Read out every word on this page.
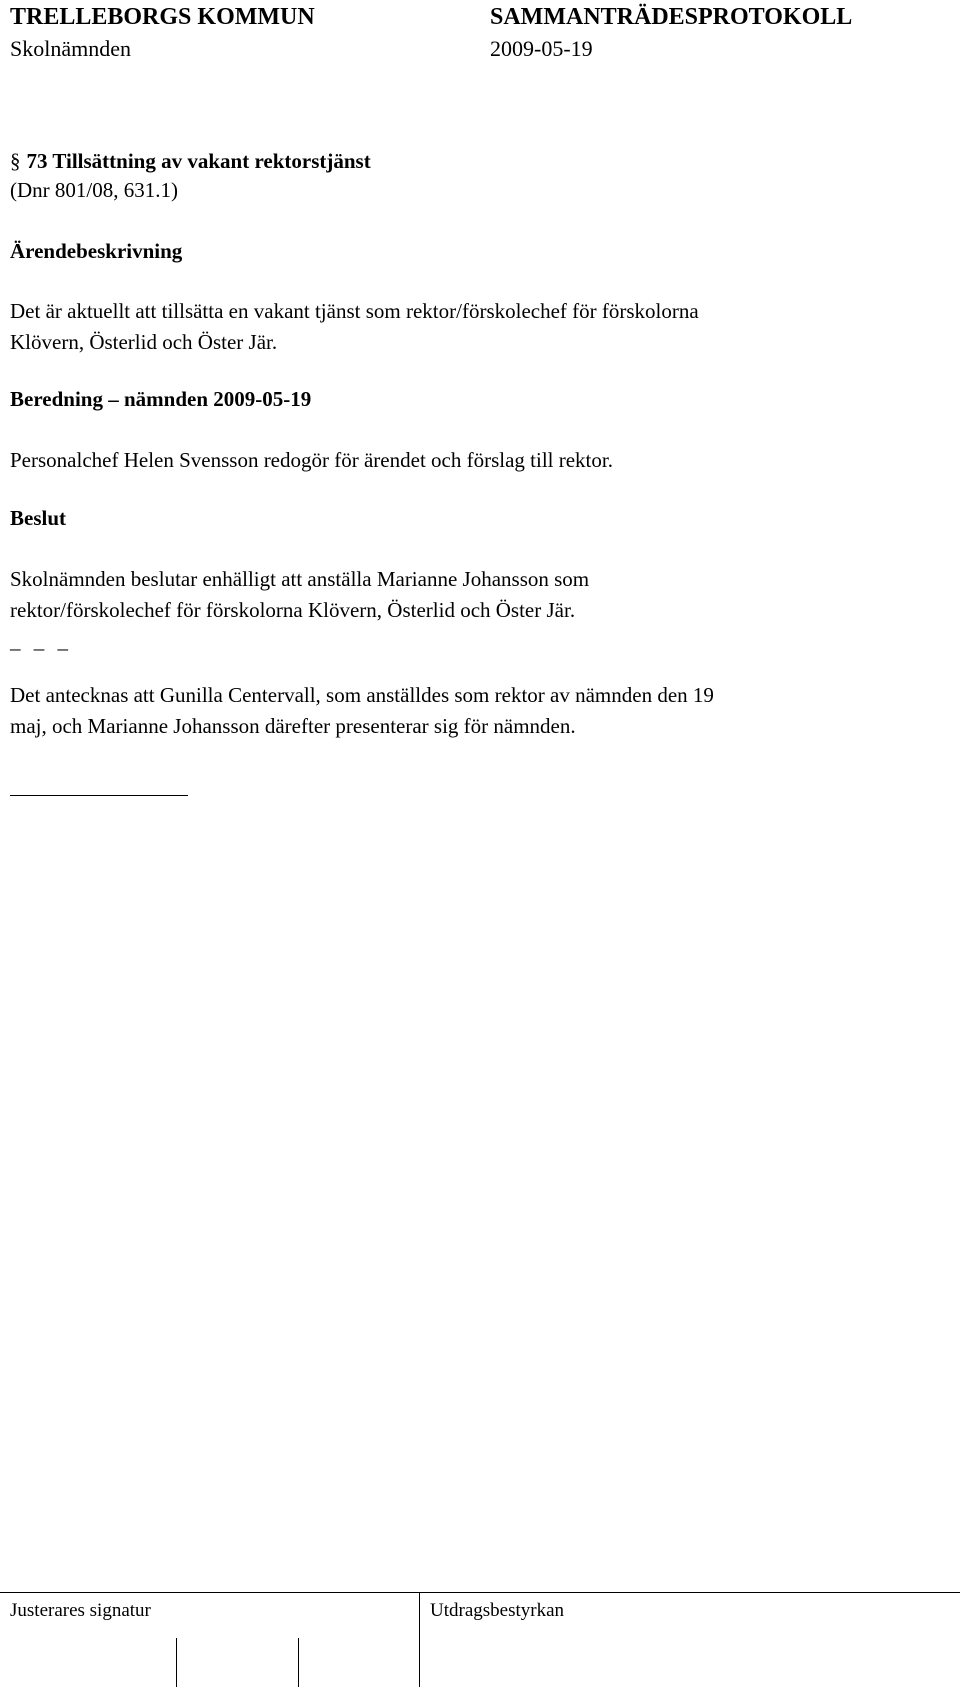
TRELLEBORGS KOMMUN	SAMMANTRÄDESPROTOKOLL
Skolnämnden	2009-05-19
§ 73 Tillsättning av vakant rektorstjänst
(Dnr 801/08, 631.1)
Ärendebeskrivning
Det är aktuellt att tillsätta en vakant tjänst som rektor/förskolechef för förskolorna
Klövern, Österlid och Öster Jär.
Beredning – nämnden 2009-05-19
Personalchef Helen Svensson redogör för ärendet och förslag till rektor.
Beslut
Skolnämnden beslutar enhälligt att anställa Marianne Johansson som
rektor/förskolechef för förskolorna Klövern, Österlid och Öster Jär.
_ _ _
Det antecknas att Gunilla Centervall, som anställdes som rektor av nämnden den 19
maj, och Marianne Johansson därefter presenterar sig för nämnden.
Justerares signatur	Utdragsbestyrkan
